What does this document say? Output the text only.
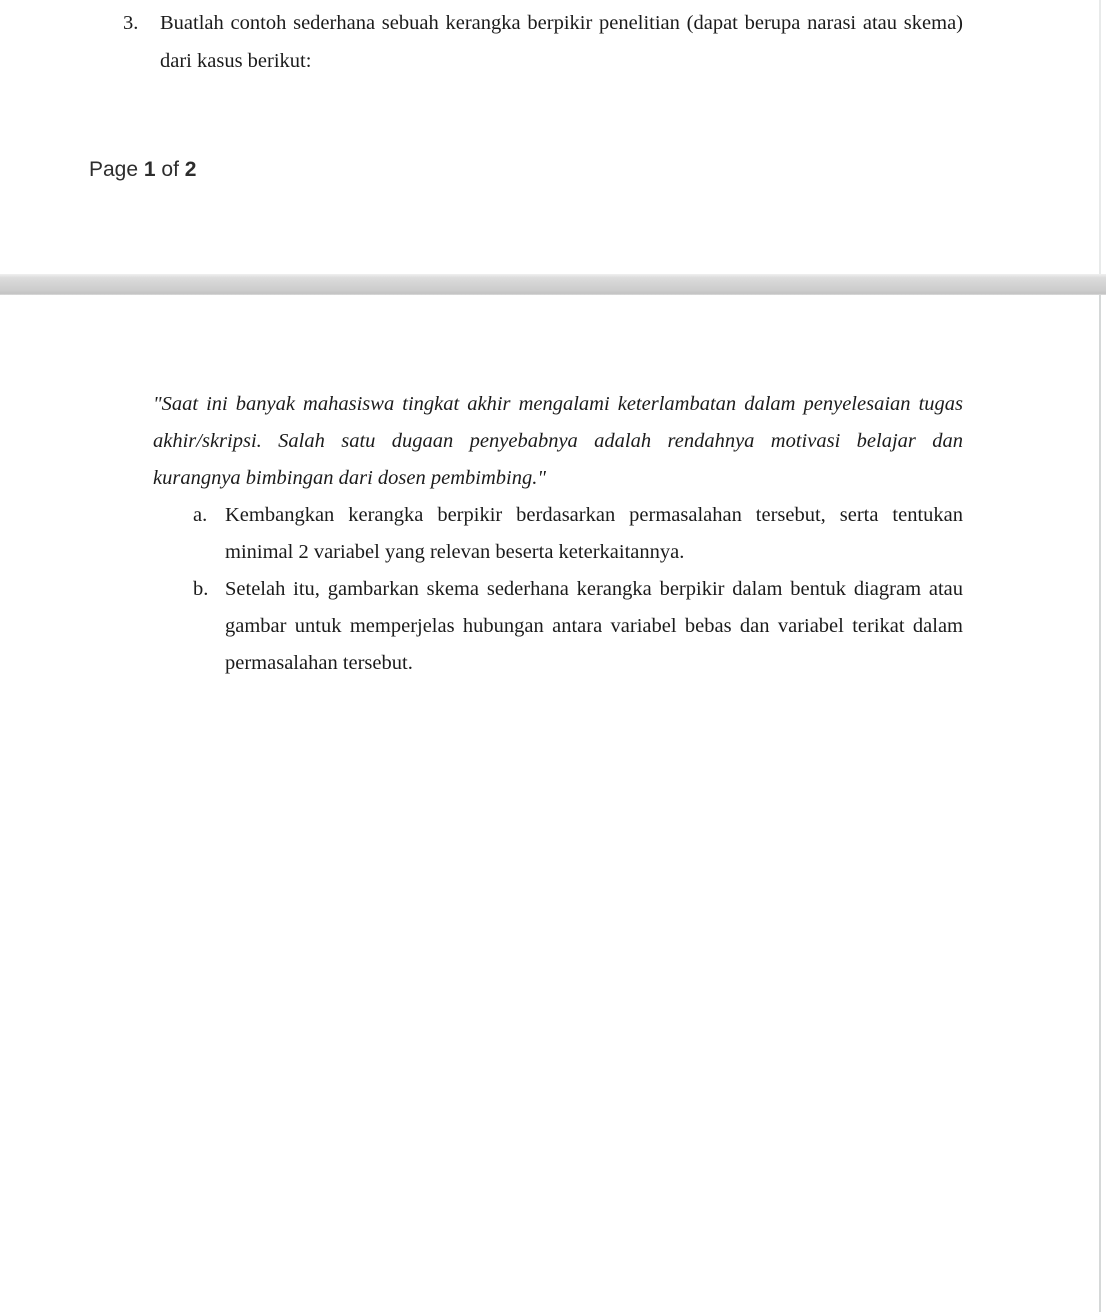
3. Buatlah contoh sederhana sebuah kerangka berpikir penelitian (dapat berupa narasi atau skema)
dari kasus berikut:
Page 1 of 2
"Saat ini banyak mahasiswa tingkat akhir mengalami keterlambatan dalam penyelesaian tugas
akhir/skripsi. Salah satu dugaan penyebabnya adalah rendahnya motivasi belajar dan
kurangnya bimbingan dari dosen pembimbing."
a. Kembangkan kerangka berpikir berdasarkan permasalahan tersebut, serta tentukan
minimal 2 variabel yang relevan beserta keterkaitannya.
b. Setelah itu, gambarkan skema sederhana kerangka berpikir dalam bentuk diagram atau
gambar untuk memperjelas hubungan antara variabel bebas dan variabel terikat dalam
permasalahan tersebut.
